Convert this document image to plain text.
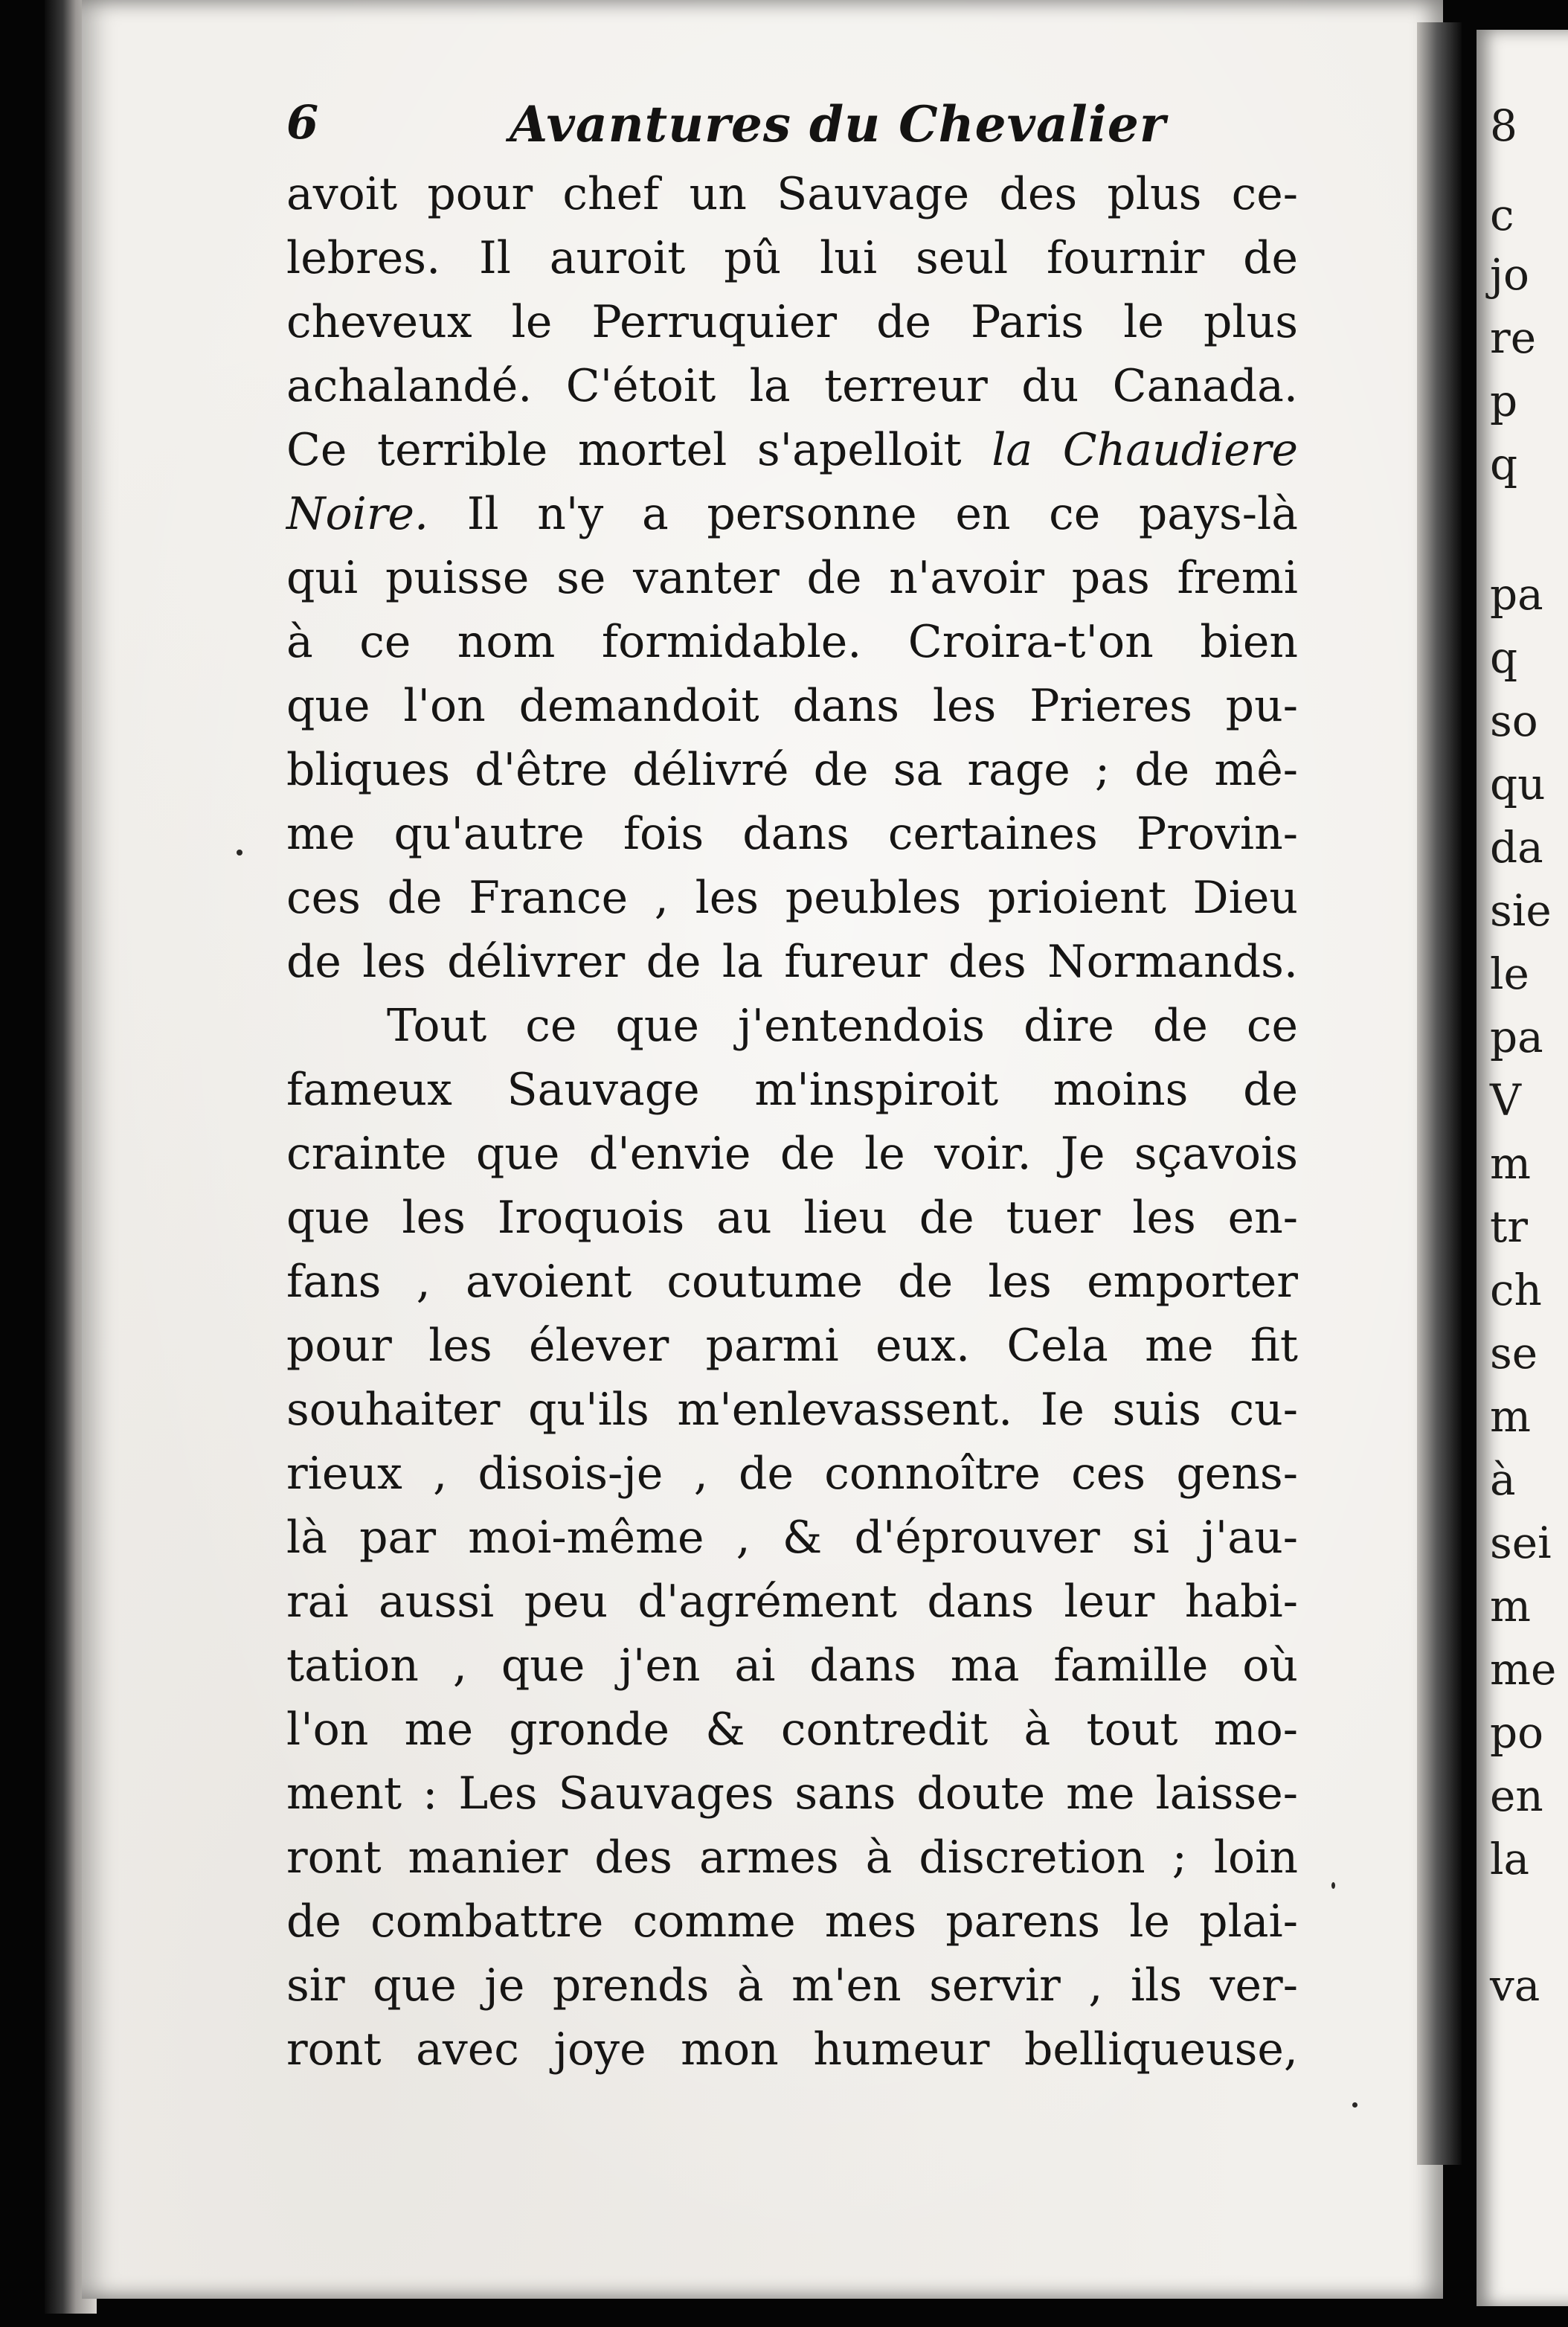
8
c
jo
re
p
q
pa
q
so
qu
da
sie
le
pa
V
m
tr
ch
se
m
à
sei
m
me
po
en
la
va
6	Avantures du Chevalier
avoit pour chef un Sauvage des plus ce-
lebres. Il auroit pû lui seul fournir de
cheveux le Perruquier de Paris le plus
achalandé. C'étoit la terreur du Canada.
Ce terrible mortel s'apelloit la Chaudiere
Noire. Il n'y a personne en ce pays-là
qui puisse se vanter de n'avoir pas fremi
à ce nom formidable. Croira-t'on bien
que l'on demandoit dans les Prieres pu-
bliques d'être délivré de sa rage ; de mê-
me qu'autre fois dans certaines Provin-
ces de France , les peubles prioient Dieu
de les délivrer de la fureur des Normands.
Tout ce que j'entendois dire de ce
fameux Sauvage m'inspiroit moins de
crainte que d'envie de le voir. Je sçavois
que les Iroquois au lieu de tuer les en-
fans , avoient coutume de les emporter
pour les élever parmi eux. Cela me fit
souhaiter qu'ils m'enlevassent. Ie suis cu-
rieux , disois-je , de connoître ces gens-
là par moi-même , & d'éprouver si j'au-
rai aussi peu d'agrément dans leur habi-
tation , que j'en ai dans ma famille où
l'on me gronde & contredit à tout mo-
ment : Les Sauvages sans doute me laisse-
ront manier des armes à discretion ; loin
de combattre comme mes parens le plai-
sir que je prends à m'en servir , ils ver-
ront avec joye mon humeur belliqueuse,
